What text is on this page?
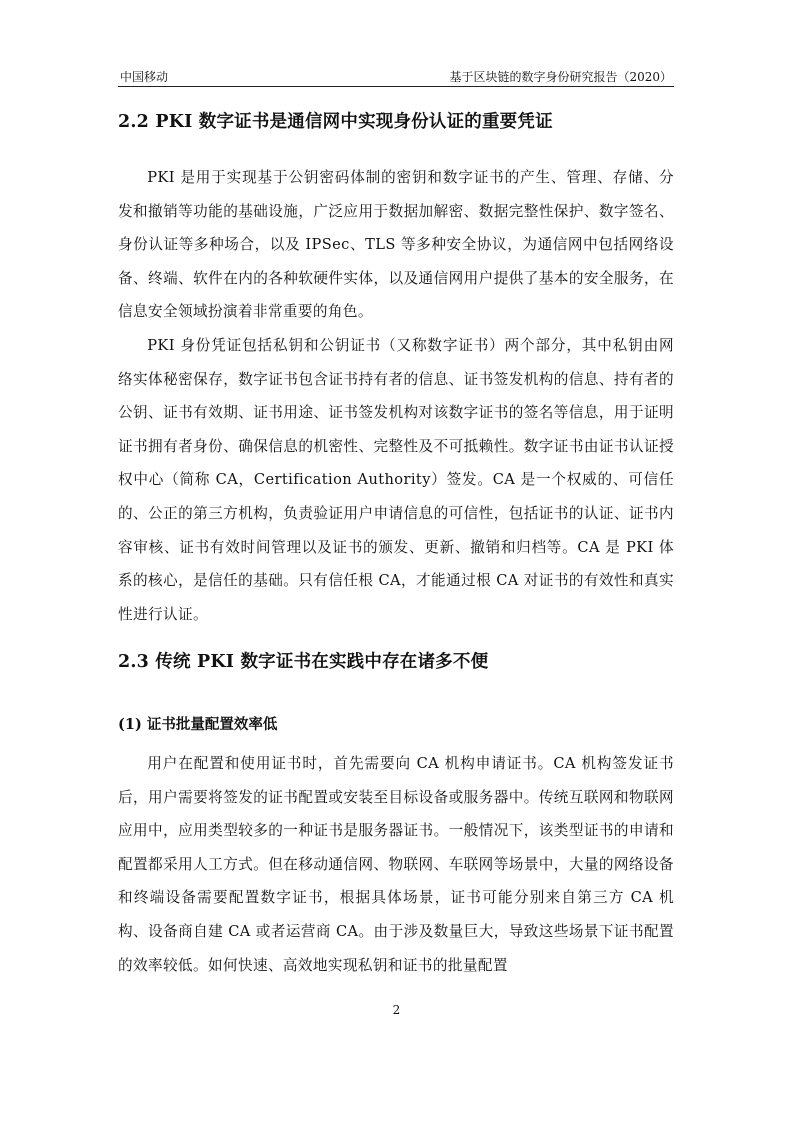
中国移动	基于区块链的数字身份研究报告（2020）
2.2 PKI 数字证书是通信网中实现身份认证的重要凭证

PKI 是用于实现基于公钥密码体制的密钥和数字证书的产生、管理、存储、分发和撤销等功能的基础设施，广泛应用于数据加解密、数据完整性保护、数字签名、身份认证等多种场合，以及 IPSec、TLS 等多种安全协议，为通信网中包括网络设备、终端、软件在内的各种软硬件实体，以及通信网用户提供了基本的安全服务，在信息安全领域扮演着非常重要的角色。

PKI 身份凭证包括私钥和公钥证书（又称数字证书）两个部分，其中私钥由网络实体秘密保存，数字证书包含证书持有者的信息、证书签发机构的信息、持有者的公钥、证书有效期、证书用途、证书签发机构对该数字证书的签名等信息，用于证明证书拥有者身份、确保信息的机密性、完整性及不可抵赖性。数字证书由证书认证授权中心（简称 CA，Certification Authority）签发。CA 是一个权威的、可信任的、公正的第三方机构，负责验证用户申请信息的可信性，包括证书的认证、证书内容审核、证书有效时间管理以及证书的颁发、更新、撤销和归档等。CA 是 PKI 体系的核心，是信任的基础。只有信任根 CA，才能通过根 CA 对证书的有效性和真实性进行认证。

2.3 传统 PKI 数字证书在实践中存在诸多不便
(1) 证书批量配置效率低

用户在配置和使用证书时，首先需要向 CA 机构申请证书。CA 机构签发证书后，用户需要将签发的证书配置或安装至目标设备或服务器中。传统互联网和物联网应用中，应用类型较多的一种证书是服务器证书。一般情况下，该类型证书的申请和配置都采用人工方式。但在移动通信网、物联网、车联网等场景中，大量的网络设备和终端设备需要配置数字证书，根据具体场景，证书可能分别来自第三方 CA 机构、设备商自建 CA 或者运营商 CA。由于涉及数量巨大，导致这些场景下证书配置的效率较低。如何快速、高效地实现私钥和证书的批量配置

2
